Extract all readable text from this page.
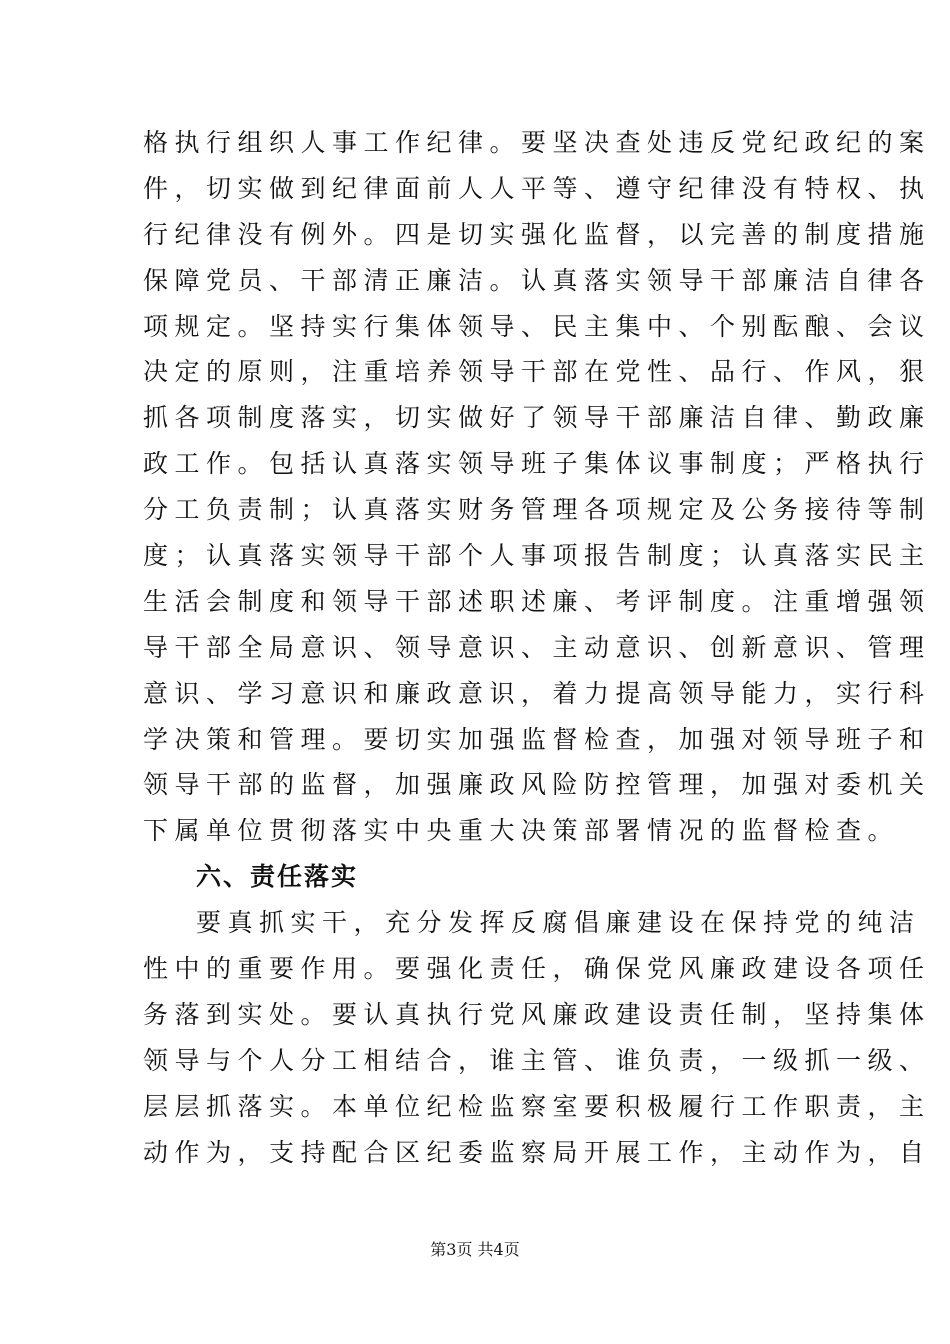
格执行组织人事工作纪律。要坚决查处违反党纪政纪的案
件，切实做到纪律面前人人平等、遵守纪律没有特权、执
行纪律没有例外。四是切实强化监督，以完善的制度措施
保障党员、干部清正廉洁。认真落实领导干部廉洁自律各
项规定。坚持实行集体领导、民主集中、个别酝酿、会议
决定的原则，注重培养领导干部在党性、品行、作风，狠
抓各项制度落实，切实做好了领导干部廉洁自律、勤政廉
政工作。包括认真落实领导班子集体议事制度；严格执行
分工负责制；认真落实财务管理各项规定及公务接待等制
度；认真落实领导干部个人事项报告制度；认真落实民主
生活会制度和领导干部述职述廉、考评制度。注重增强领
导干部全局意识、领导意识、主动意识、创新意识、管理
意识、学习意识和廉政意识，着力提高领导能力，实行科
学决策和管理。要切实加强监督检查，加强对领导班子和
领导干部的监督，加强廉政风险防控管理，加强对委机关
下属单位贯彻落实中央重大决策部署情况的监督检查。
六、责任落实
要真抓实干，充分发挥反腐倡廉建设在保持党的纯洁
性中的重要作用。要强化责任，确保党风廉政建设各项任
务落到实处。要认真执行党风廉政建设责任制，坚持集体
领导与个人分工相结合，谁主管、谁负责，一级抓一级、
层层抓落实。本单位纪检监察室要积极履行工作职责，主
动作为，支持配合区纪委监察局开展工作，主动作为，自
第3页 共4页
